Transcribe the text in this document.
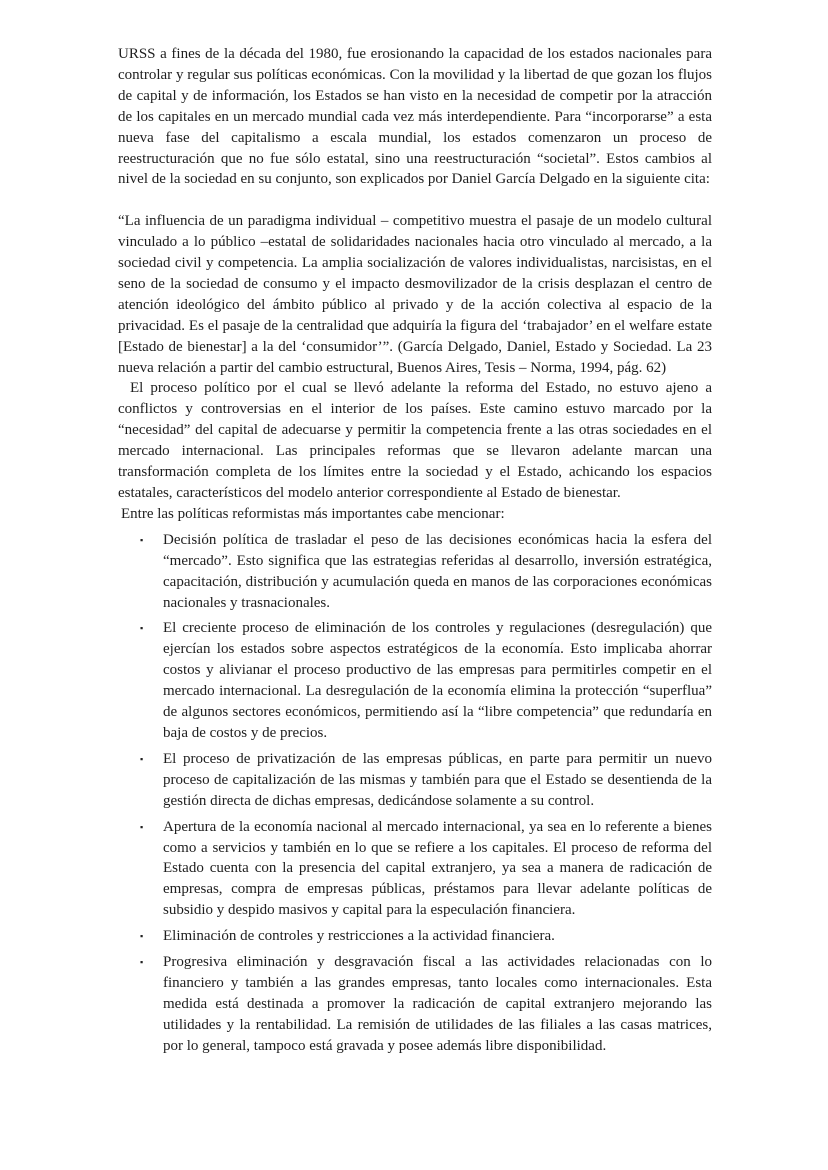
URSS a fines de la década del 1980, fue erosionando la capacidad de los estados nacionales para controlar y regular sus políticas económicas. Con la movilidad y la libertad de que gozan los flujos de capital y de información, los Estados se han visto en la necesidad de competir por la atracción de los capitales en un mercado mundial cada vez más interdependiente. Para “incorporarse” a esta nueva fase del capitalismo a escala mundial, los estados comenzaron un proceso de reestructuración que no fue sólo estatal, sino una reestructuración “societal”. Estos cambios al nivel de la sociedad en su conjunto, son explicados por Daniel García Delgado en la siguiente cita:

“La influencia de un paradigma individual – competitivo muestra el pasaje de un modelo cultural vinculado a lo público –estatal de solidaridades nacionales hacia otro vinculado al mercado, a la sociedad civil y competencia. La amplia socialización de valores individualistas, narcisistas, en el seno de la sociedad de consumo y el impacto desmovilizador de la crisis desplazan el centro de atención ideológico del ámbito público al privado y de la acción colectiva al espacio de la privacidad. Es el pasaje de la centralidad que adquiría la figura del ‘trabajador’ en el welfare estate [Estado de bienestar] a la del ‘consumidor’”. (García Delgado, Daniel, Estado y Sociedad. La 23 nueva relación a partir del cambio estructural, Buenos Aires, Tesis – Norma, 1994, pág. 62)

El proceso político por el cual se llevó adelante la reforma del Estado, no estuvo ajeno a conflictos y controversias en el interior de los países. Este camino estuvo marcado por la “necesidad” del capital de adecuarse y permitir la competencia frente a las otras sociedades en el mercado internacional. Las principales reformas que se llevaron adelante marcan una transformación completa de los límites entre la sociedad y el Estado, achicando los espacios estatales, característicos del modelo anterior correspondiente al Estado de bienestar.

Entre las políticas reformistas más importantes cabe mencionar:

▪	Decisión política de trasladar el peso de las decisiones económicas hacia la esfera del “mercado”. Esto significa que las estrategias referidas al desarrollo, inversión estratégica, capacitación, distribución y acumulación queda en manos de las corporaciones económicas nacionales y trasnacionales.
▪	El creciente proceso de eliminación de los controles y regulaciones (desregulación) que ejercían los estados sobre aspectos estratégicos de la economía. Esto implicaba ahorrar costos y alivianar el proceso productivo de las empresas para permitirles competir en el mercado internacional. La desregulación de la economía elimina la protección “superflua” de algunos sectores económicos, permitiendo así la “libre competencia” que redundaría en baja de costos y de precios.
▪	El proceso de privatización de las empresas públicas, en parte para permitir un nuevo proceso de capitalización de las mismas y también para que el Estado se desentienda de la gestión directa de dichas empresas, dedicándose solamente a su control.
▪	Apertura de la economía nacional al mercado internacional, ya sea en lo referente a bienes como a servicios y también en lo que se refiere a los capitales. El proceso de reforma del Estado cuenta con la presencia del capital extranjero, ya sea a manera de radicación de empresas, compra de empresas públicas, préstamos para llevar adelante políticas de subsidio y despido masivos y capital para la especulación financiera.
▪	Eliminación de controles y restricciones a la actividad financiera.
▪	Progresiva eliminación y desgravación fiscal a las actividades relacionadas con lo financiero y también a las grandes empresas, tanto locales como internacionales. Esta medida está destinada a promover la radicación de capital extranjero mejorando las utilidades y la rentabilidad. La remisión de utilidades de las filiales a las casas matrices, por lo general, tampoco está gravada y posee además libre disponibilidad.
